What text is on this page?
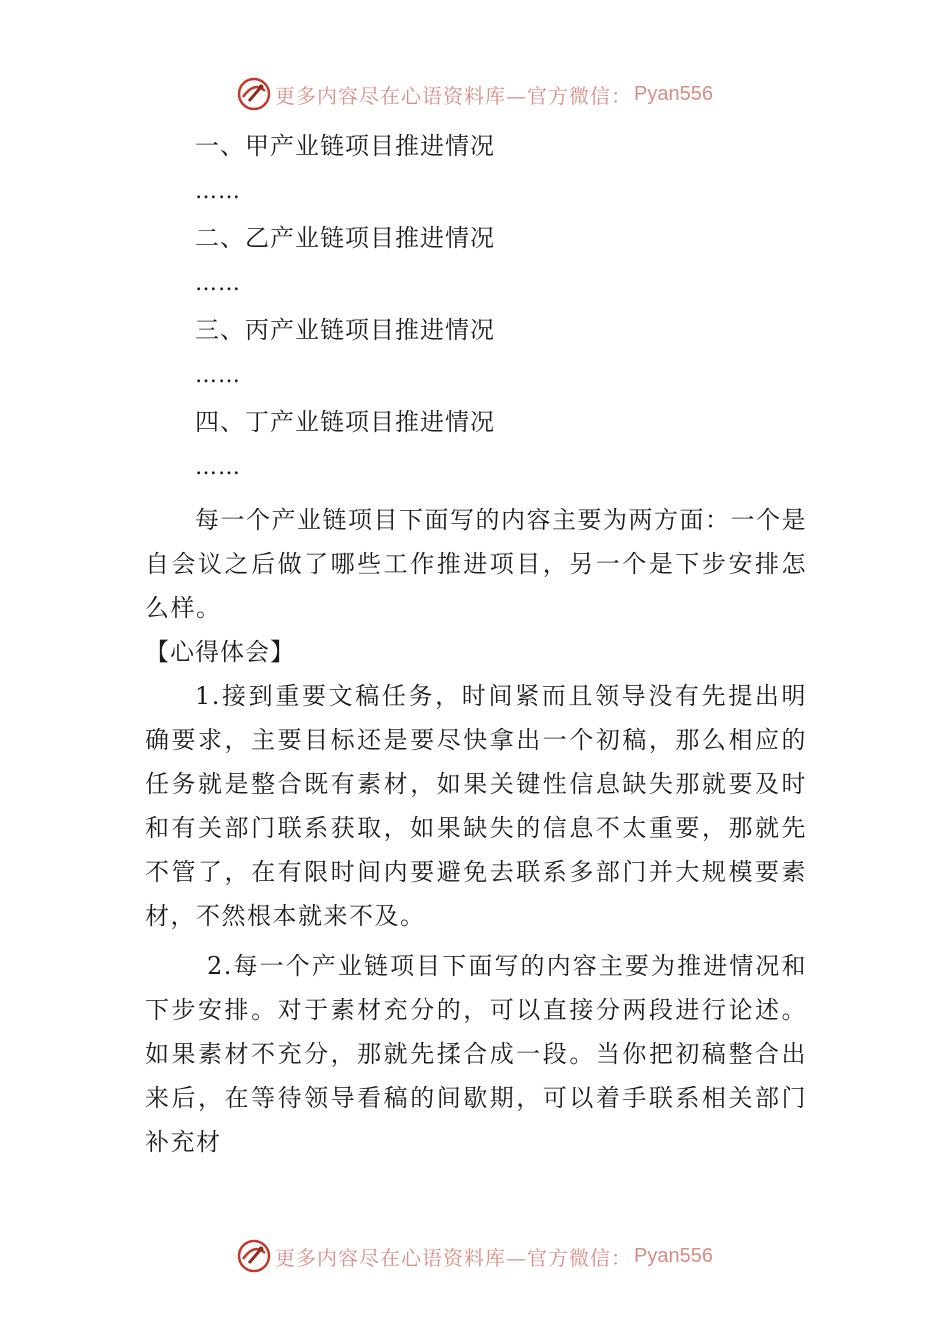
更多内容尽在心语资料库—官方微信： Pyan556
一、甲产业链项目推进情况
……
二、乙产业链项目推进情况
……
三、丙产业链项目推进情况
……
四、丁产业链项目推进情况
……

每一个产业链项目下面写的内容主要为两方面：一个是自会议之后做了哪些工作推进项目，另一个是下步安排怎么样。

【心得体会】

1.接到重要文稿任务，时间紧而且领导没有先提出明确要求，主要目标还是要尽快拿出一个初稿，那么相应的任务就是整合既有素材，如果关键性信息缺失那就要及时和有关部门联系获取，如果缺失的信息不太重要，那就先不管了，在有限时间内要避免去联系多部门并大规模要素材，不然根本就来不及。

2.每一个产业链项目下面写的内容主要为推进情况和下步安排。对于素材充分的，可以直接分两段进行论述。如果素材不充分，那就先揉合成一段。当你把初稿整合出来后，在等待领导看稿的间歇期，可以着手联系相关部门补充材

更多内容尽在心语资料库—官方微信： Pyan556
